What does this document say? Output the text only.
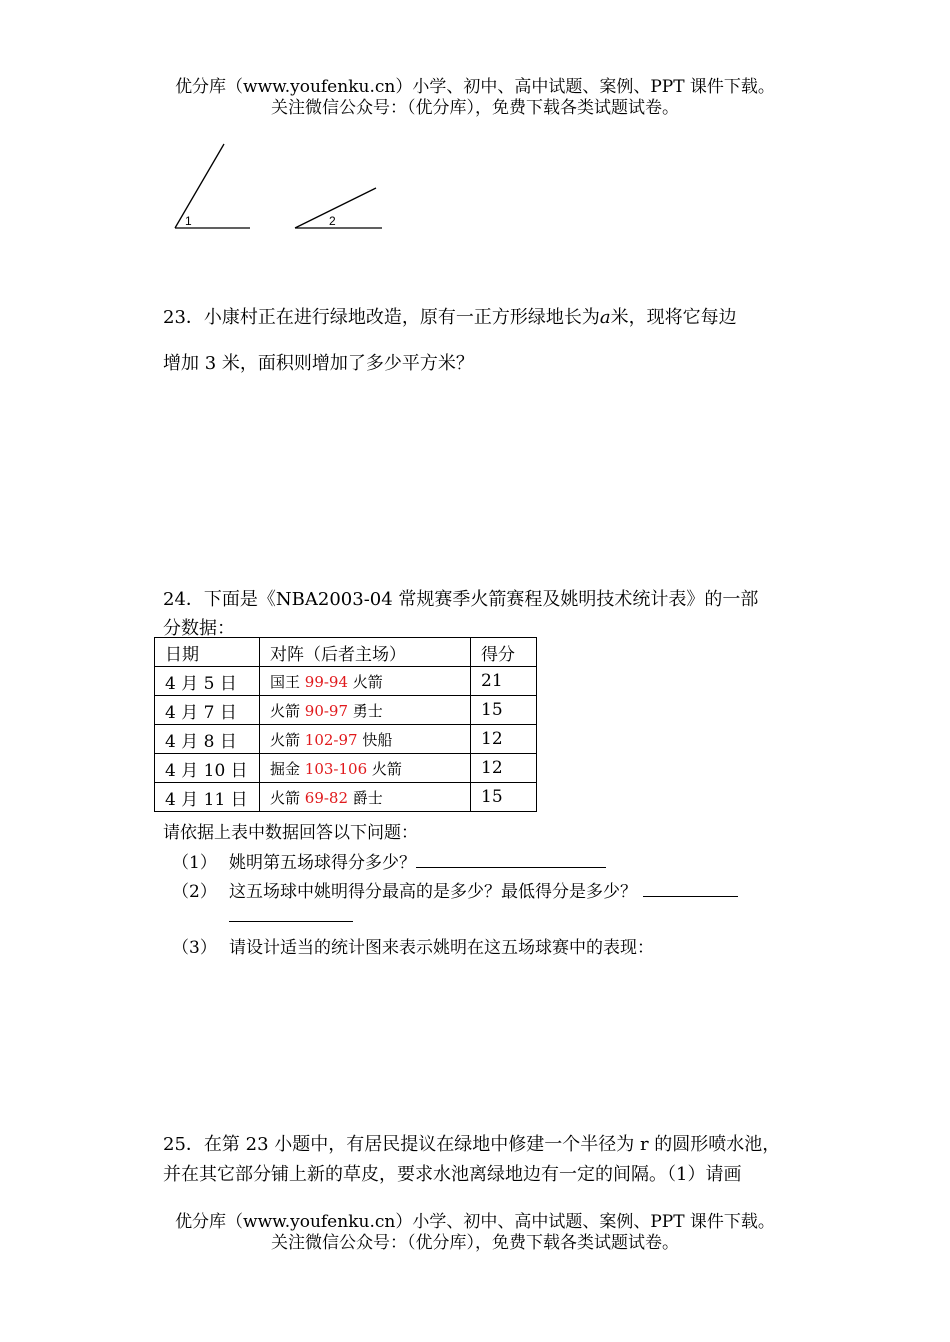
优分库（www.youfenku.cn）小学、初中、高中试题、案例、PPT 课件下载。
关注微信公众号：（优分库），免费下载各类试题试卷。
1	2
23．小康村正在进行绿地改造，原有一正方形绿地长为a米，现将它每边
增加 3 米，面积则增加了多少平方米？
24．下面是《NBA2003-04 常规赛季火箭赛程及姚明技术统计表》的一部
分数据：
日期	对阵（后者主场）	得分
4 月 5 日	国王 99-94 火箭	21
4 月 7 日	火箭 90-97 勇士	15
4 月 8 日	火箭 102-97 快船	12
4 月 10 日	掘金 103-106 火箭	12
4 月 11 日	火箭 69-82 爵士	15
请依据上表中数据回答以下问题：
（1） 姚明第五场球得分多少？
（2） 这五场球中姚明得分最高的是多少？最低得分是多少？
（3） 请设计适当的统计图来表示姚明在这五场球赛中的表现：
25．在第 23 小题中，有居民提议在绿地中修建一个半径为 r 的圆形喷水池，
并在其它部分铺上新的草皮，要求水池离绿地边有一定的间隔。（1）请画
优分库（www.youfenku.cn）小学、初中、高中试题、案例、PPT 课件下载。
关注微信公众号：（优分库），免费下载各类试题试卷。
